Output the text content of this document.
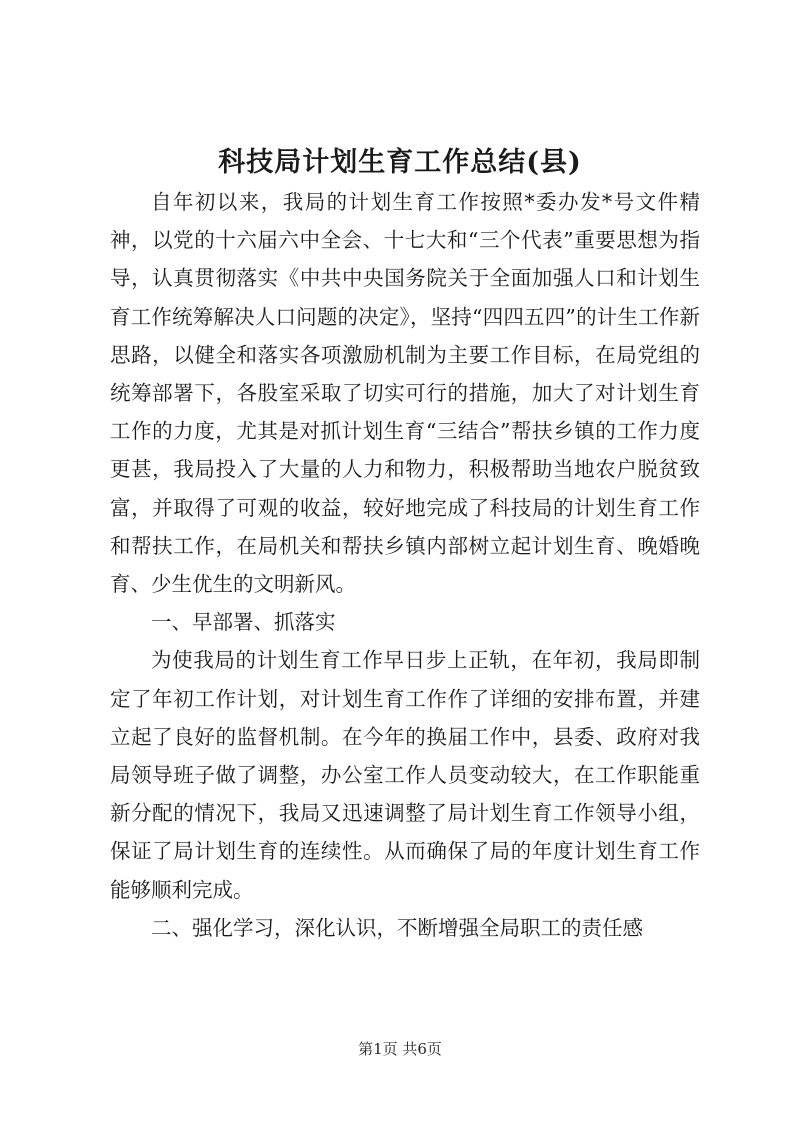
科技局计划生育工作总结(县)

自年初以来，我局的计划生育工作按照*委办发*号文件精神，以党的十六届六中全会、十七大和“三个代表”重要思想为指导，认真贯彻落实《中共中央国务院关于全面加强人口和计划生育工作统筹解决人口问题的决定》，坚持“四四五四”的计生工作新思路，以健全和落实各项激励机制为主要工作目标，在局党组的统筹部署下，各股室采取了切实可行的措施，加大了对计划生育工作的力度，尤其是对抓计划生育“三结合”帮扶乡镇的工作力度更甚，我局投入了大量的人力和物力，积极帮助当地农户脱贫致富，并取得了可观的收益，较好地完成了科技局的计划生育工作和帮扶工作，在局机关和帮扶乡镇内部树立起计划生育、晚婚晚育、少生优生的文明新风。

一、早部署、抓落实

为使我局的计划生育工作早日步上正轨，在年初，我局即制定了年初工作计划，对计划生育工作作了详细的安排布置，并建立起了良好的监督机制。在今年的换届工作中，县委、政府对我局领导班子做了调整，办公室工作人员变动较大，在工作职能重新分配的情况下，我局又迅速调整了局计划生育工作领导小组，保证了局计划生育的连续性。从而确保了局的年度计划生育工作能够顺利完成。

二、强化学习，深化认识，不断增强全局职工的责任感

第1页 共6页
